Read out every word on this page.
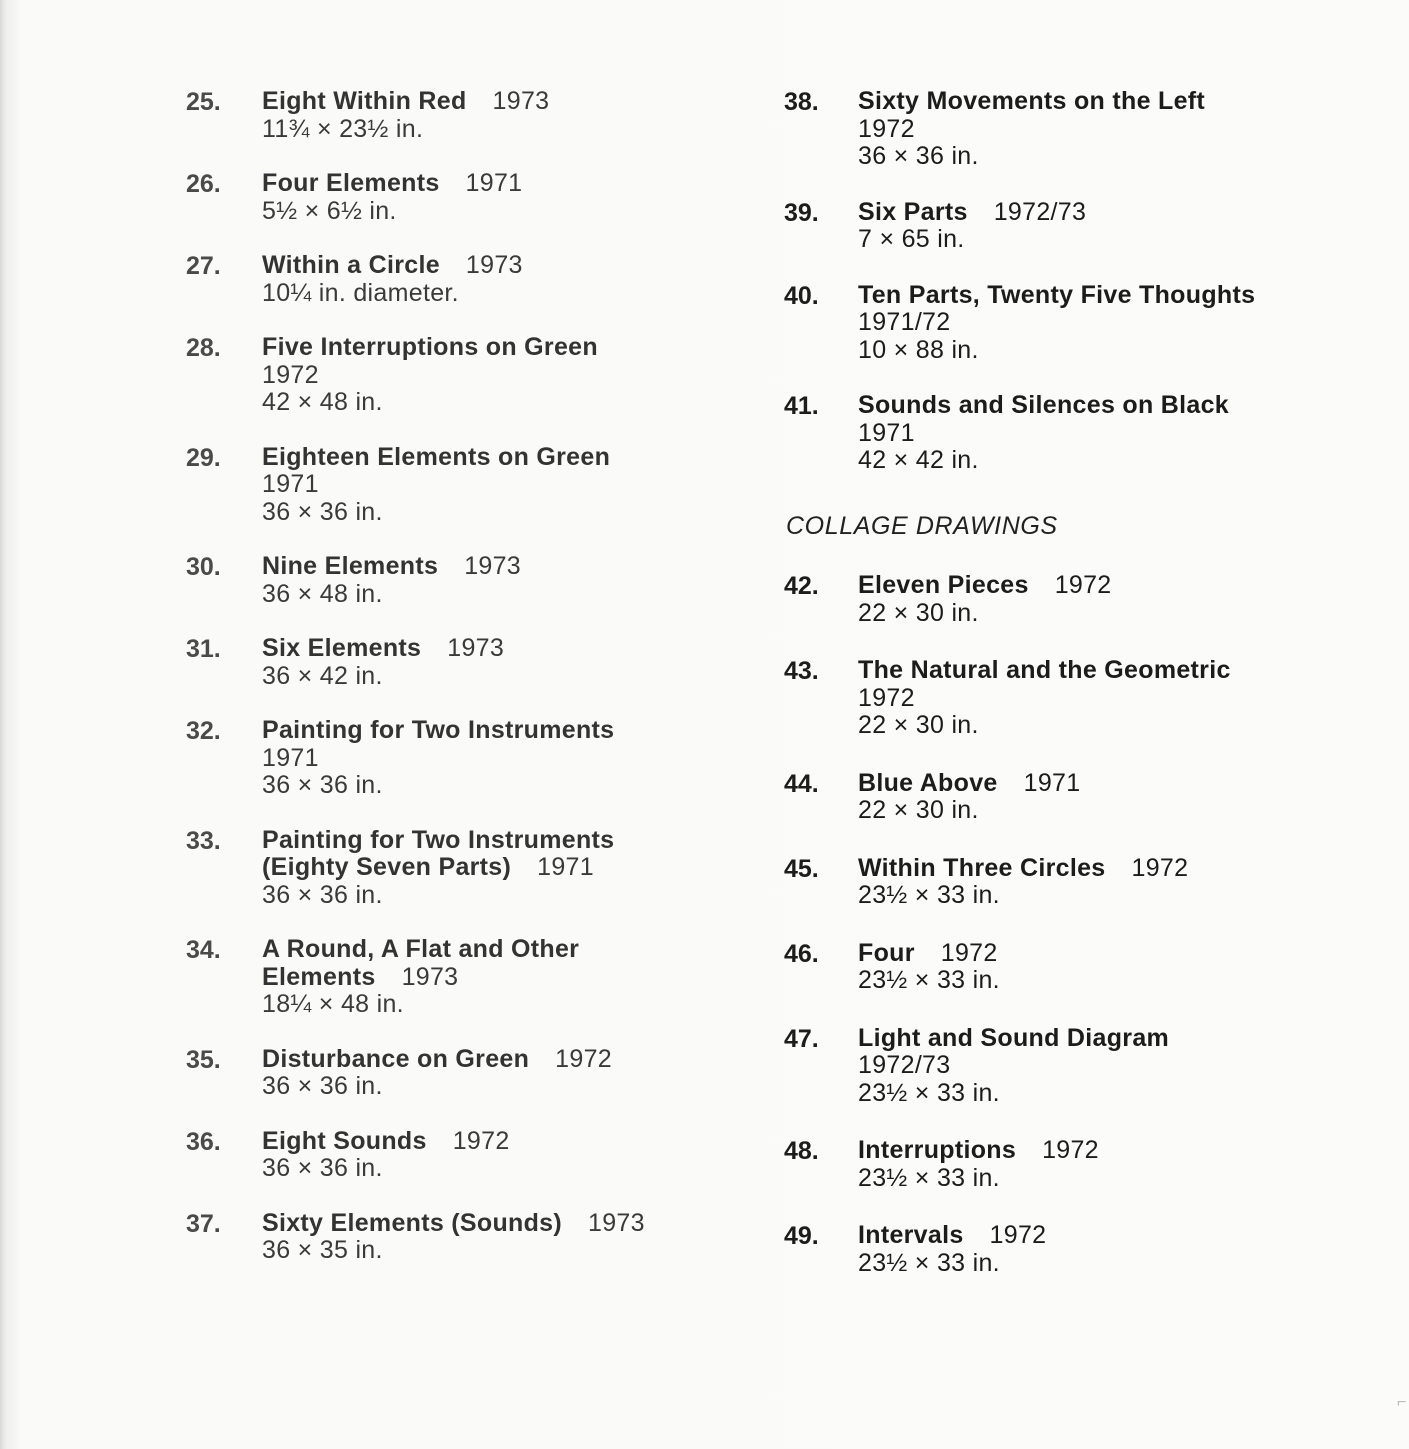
25. Eight Within Red 1973
11¾ × 23½ in.
26. Four Elements 1971
5½ × 6½ in.
27. Within a Circle 1973
10¼ in. diameter.
28. Five Interruptions on Green
1972
42 × 48 in.
29. Eighteen Elements on Green
1971
36 × 36 in.
30. Nine Elements 1973
36 × 48 in.
31. Six Elements 1973
36 × 42 in.
32. Painting for Two Instruments
1971
36 × 36 in.
33. Painting for Two Instruments
(Eighty Seven Parts) 1971
36 × 36 in.
34. A Round, A Flat and Other
Elements 1973
18¼ × 48 in.
35. Disturbance on Green 1972
36 × 36 in.
36. Eight Sounds 1972
36 × 36 in.
37. Sixty Elements (Sounds) 1973
36 × 35 in.
38. Sixty Movements on the Left
1972
36 × 36 in.
39. Six Parts 1972/73
7 × 65 in.
40. Ten Parts, Twenty Five Thoughts
1971/72
10 × 88 in.
41. Sounds and Silences on Black
1971
42 × 42 in.
42. Eleven Pieces 1972
22 × 30 in.
43. The Natural and the Geometric
1972
22 × 30 in.
44. Blue Above 1971
22 × 30 in.
45. Within Three Circles 1972
23½ × 33 in.
46. Four 1972
23½ × 33 in.
47. Light and Sound Diagram
1972/73
23½ × 33 in.
48. Interruptions 1972
23½ × 33 in.
49. Intervals 1972
23½ × 33 in.
COLLAGE DRAWINGS
⌐
